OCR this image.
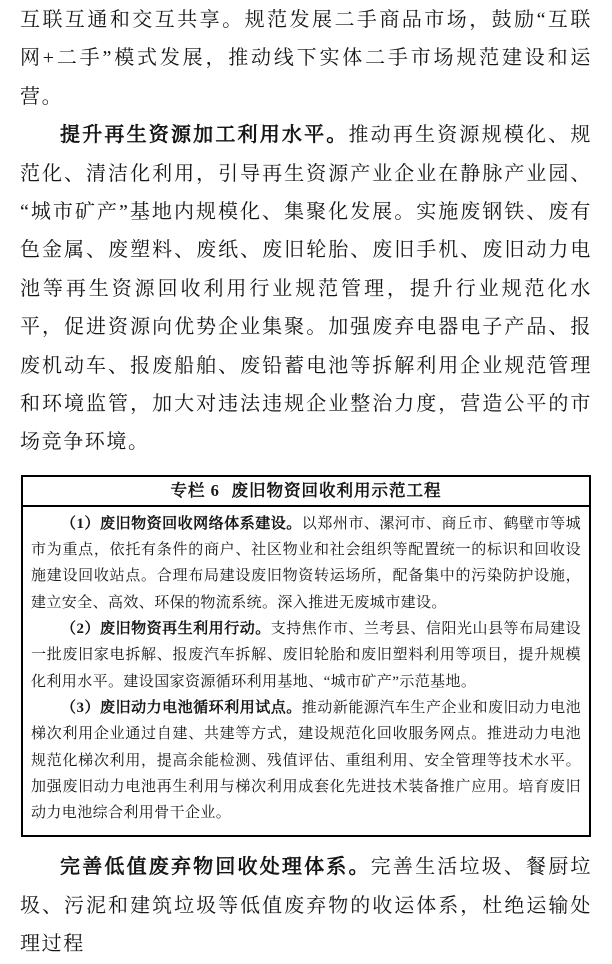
互联互通和交互共享。规范发展二手商品市场，鼓励“互联网+二手”模式发展，推动线下实体二手市场规范建设和运营。

提升再生资源加工利用水平。推动再生资源规模化、规范化、清洁化利用，引导再生资源产业企业在静脉产业园、“城市矿产”基地内规模化、集聚化发展。实施废钢铁、废有色金属、废塑料、废纸、废旧轮胎、废旧手机、废旧动力电池等再生资源回收利用行业规范管理，提升行业规范化水平，促进资源向优势企业集聚。加强废弃电器电子产品、报废机动车、报废船舶、废铅蓄电池等拆解利用企业规范管理和环境监管，加大对违法违规企业整治力度，营造公平的市场竞争环境。

专栏 6 废旧物资回收利用示范工程

（1）废旧物资回收网络体系建设。以郑州市、漯河市、商丘市、鹤壁市等城市为重点，依托有条件的商户、社区物业和社会组织等配置统一的标识和回收设施建设回收站点。合理布局建设废旧物资转运场所，配备集中的污染防护设施，建立安全、高效、环保的物流系统。深入推进无废城市建设。

（2）废旧物资再生利用行动。支持焦作市、兰考县、信阳光山县等布局建设一批废旧家电拆解、报废汽车拆解、废旧轮胎和废旧塑料利用等项目，提升规模化利用水平。建设国家资源循环利用基地、“城市矿产”示范基地。

（3）废旧动力电池循环利用试点。推动新能源汽车生产企业和废旧动力电池梯次利用企业通过自建、共建等方式，建设规范化回收服务网点。推进动力电池规范化梯次利用，提高余能检测、残值评估、重组利用、安全管理等技术水平。加强废旧动力电池再生利用与梯次利用成套化先进技术装备推广应用。培育废旧动力电池综合利用骨干企业。

完善低值废弃物回收处理体系。完善生活垃圾、餐厨垃圾、污泥和建筑垃圾等低值废弃物的收运体系，杜绝运输处理过程
